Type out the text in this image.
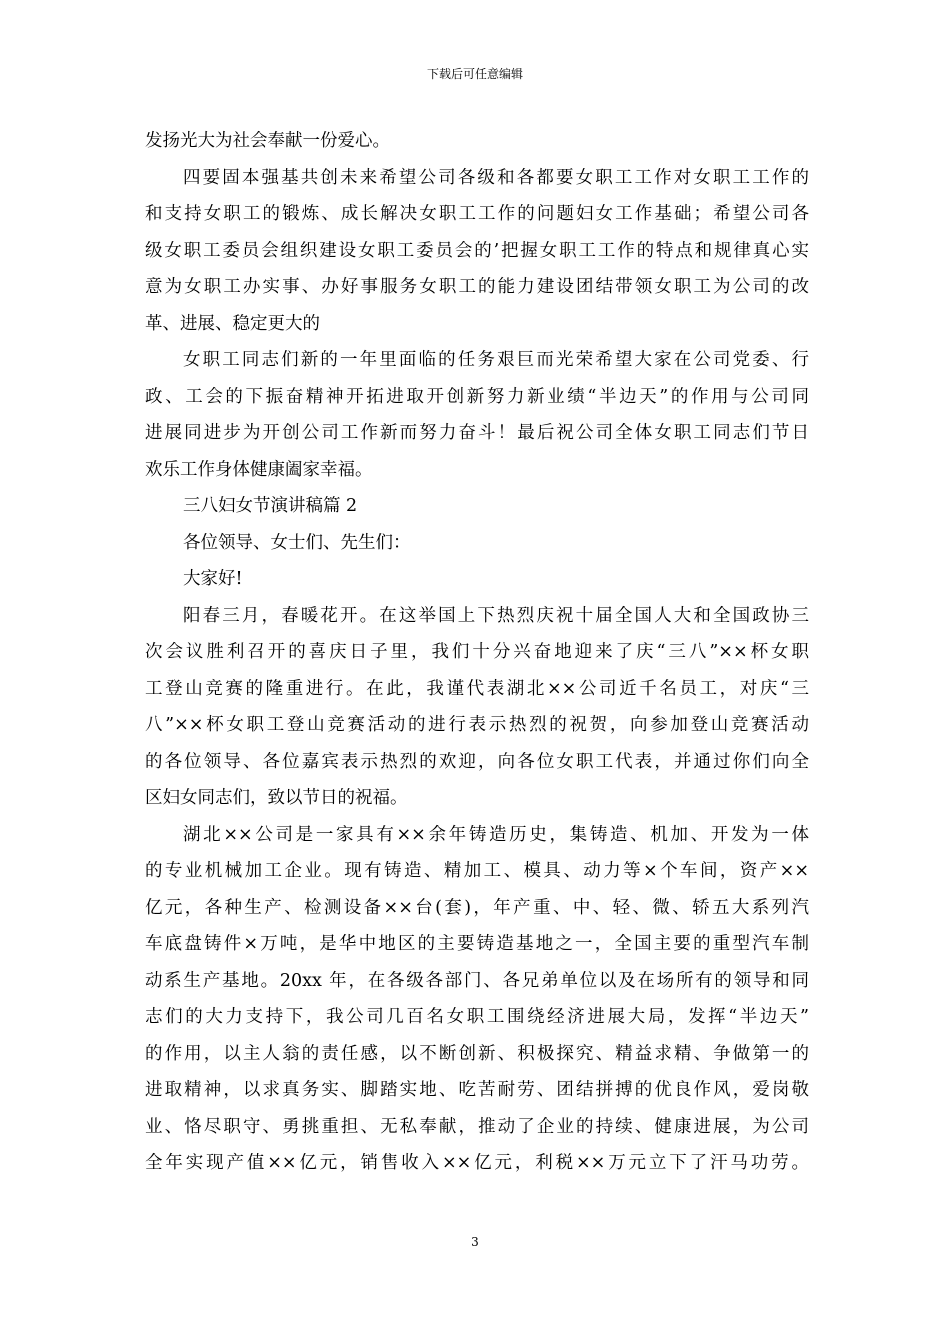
下载后可任意编辑
发扬光大为社会奉献一份爱心。
四要固本强基共创未来希望公司各级和各都要女职工工作对女职工工作的
和支持女职工的锻炼、成长解决女职工工作的问题妇女工作基础；希望公司各
级女职工委员会组织建设女职工委员会的’把握女职工工作的特点和规律真心实
意为女职工办实事、办好事服务女职工的能力建设团结带领女职工为公司的改
革、进展、稳定更大的
女职工同志们新的一年里面临的任务艰巨而光荣希望大家在公司党委、行
政、工会的下振奋精神开拓进取开创新努力新业绩“半边天”的作用与公司同
进展同进步为开创公司工作新而努力奋斗！最后祝公司全体女职工同志们节日
欢乐工作身体健康阖家幸福。
三八妇女节演讲稿篇 2
各位领导、女士们、先生们：
大家好!
阳春三月，春暖花开。在这举国上下热烈庆祝十届全国人大和全国政协三
次会议胜利召开的喜庆日子里，我们十分兴奋地迎来了庆“三八”××杯女职
工登山竞赛的隆重进行。在此，我谨代表湖北××公司近千名员工，对庆“三
八”××杯女职工登山竞赛活动的进行表示热烈的祝贺，向参加登山竞赛活动
的各位领导、各位嘉宾表示热烈的欢迎，向各位女职工代表，并通过你们向全
区妇女同志们，致以节日的祝福。
湖北××公司是一家具有××余年铸造历史，集铸造、机加、开发为一体
的专业机械加工企业。现有铸造、精加工、模具、动力等×个车间，资产××
亿元，各种生产、检测设备××台(套)，年产重、中、轻、微、轿五大系列汽
车底盘铸件×万吨，是华中地区的主要铸造基地之一，全国主要的重型汽车制
动系生产基地。20xx 年，在各级各部门、各兄弟单位以及在场所有的领导和同
志们的大力支持下，我公司几百名女职工围绕经济进展大局，发挥“半边天”
的作用，以主人翁的责任感，以不断创新、积极探究、精益求精、争做第一的
进取精神，以求真务实、脚踏实地、吃苦耐劳、团结拼搏的优良作风，爱岗敬
业、恪尽职守、勇挑重担、无私奉献，推动了企业的持续、健康进展，为公司
全年实现产值××亿元，销售收入××亿元，利税××万元立下了汗马功劳。
3
